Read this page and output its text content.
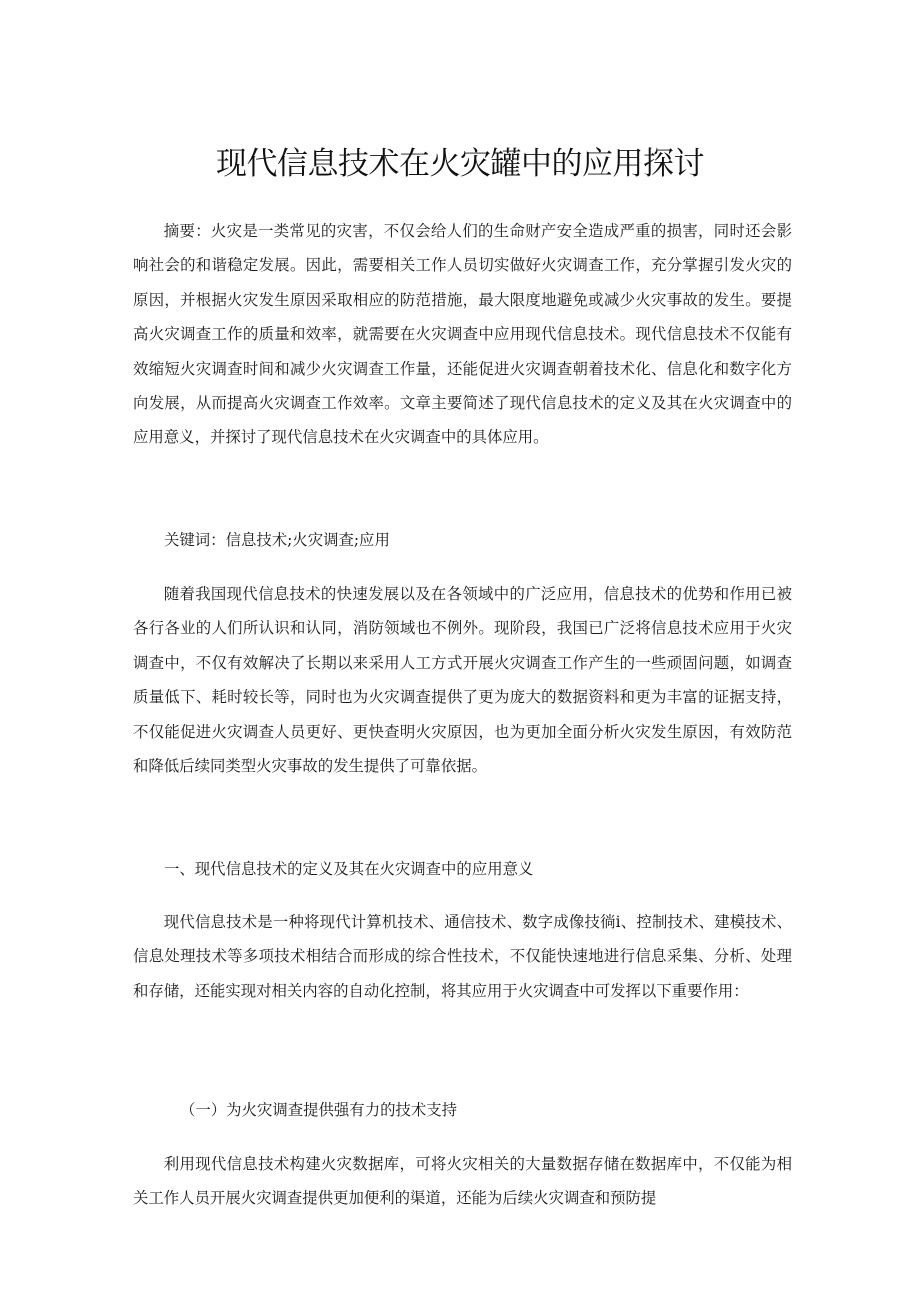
现代信息技术在火灾罐中的应用探讨

摘要：火灾是一类常见的灾害，不仅会给人们的生命财产安全造成严重的损害，同时还会影响社会的和谐稳定发展。因此，需要相关工作人员切实做好火灾调查工作，充分掌握引发火灾的原因，并根据火灾发生原因采取相应的防范措施，最大限度地避免或减少火灾事故的发生。要提高火灾调查工作的质量和效率，就需要在火灾调查中应用现代信息技术。现代信息技术不仅能有效缩短火灾调查时间和减少火灾调查工作量，还能促进火灾调查朝着技术化、信息化和数字化方向发展，从而提高火灾调查工作效率。文章主要简述了现代信息技术的定义及其在火灾调查中的应用意义，并探讨了现代信息技术在火灾调查中的具体应用。

关键词：信息技术;火灾调查;应用

随着我国现代信息技术的快速发展以及在各领域中的广泛应用，信息技术的优势和作用已被各行各业的人们所认识和认同，消防领域也不例外。现阶段，我国已广泛将信息技术应用于火灾调查中，不仅有效解决了长期以来采用人工方式开展火灾调查工作产生的一些顽固问题，如调查质量低下、耗时较长等，同时也为火灾调查提供了更为庞大的数据资料和更为丰富的证据支持，不仅能促进火灾调查人员更好、更快查明火灾原因，也为更加全面分析火灾发生原因，有效防范和降低后续同类型火灾事故的发生提供了可靠依据。

一、现代信息技术的定义及其在火灾调查中的应用意义

现代信息技术是一种将现代计算机技术、通信技术、数字成像技徜i、控制技术、建模技术、信息处理技术等多项技术相结合而形成的综合性技术，不仅能快速地进行信息采集、分析、处理和存储，还能实现对相关内容的自动化控制，将其应用于火灾调查中可发挥以下重要作用：

（一）为火灾调查提供强有力的技术支持

利用现代信息技术构建火灾数据库，可将火灾相关的大量数据存储在数据库中，不仅能为相关工作人员开展火灾调查提供更加便利的渠道，还能为后续火灾调查和预防提
